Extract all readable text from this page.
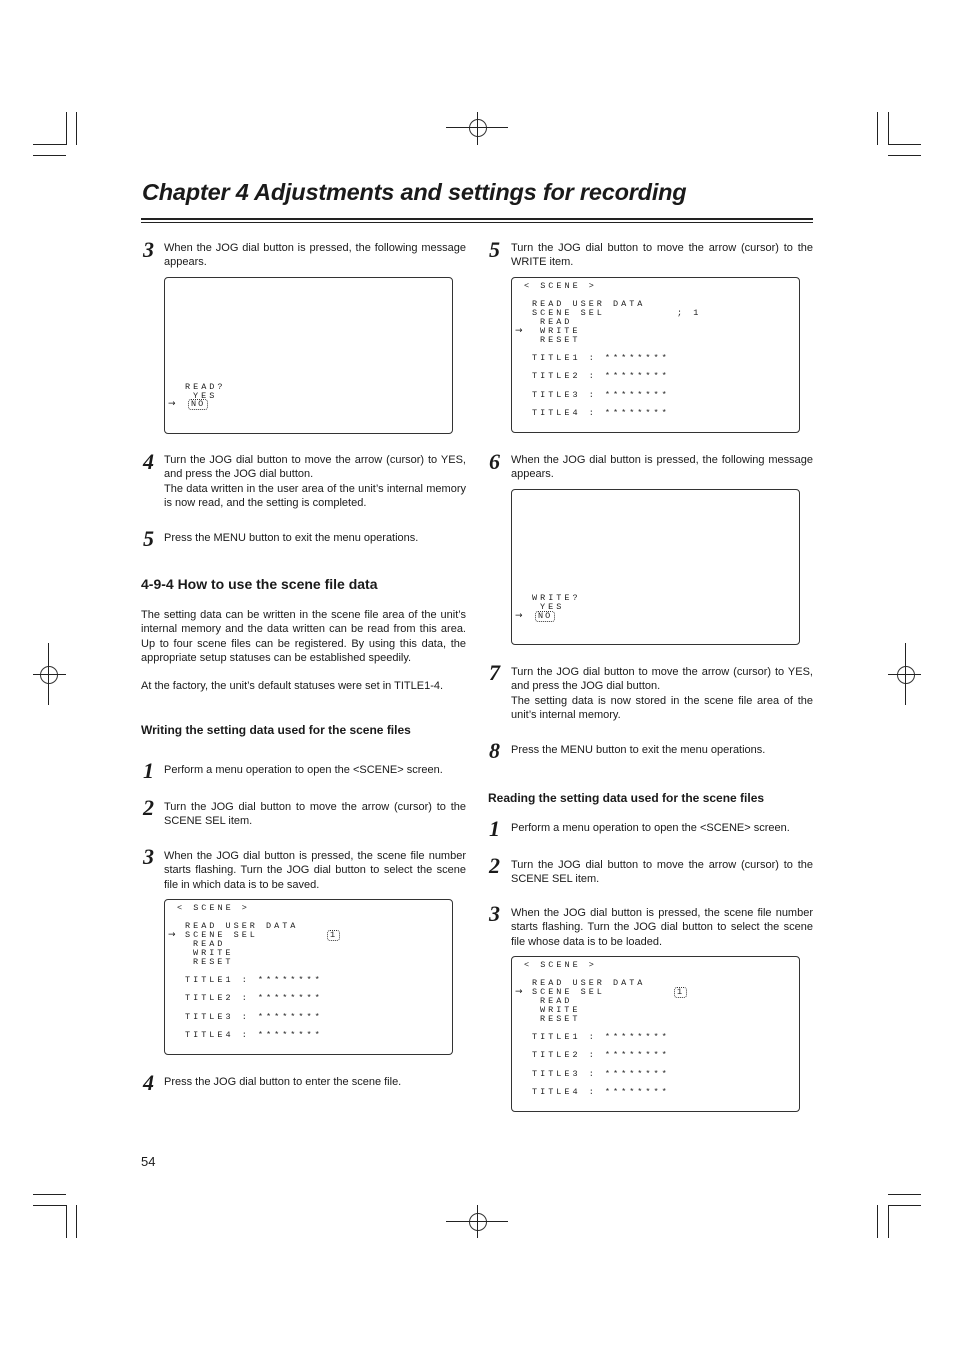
Chapter 4 Adjustments and settings for recording
3 When the JOG dial button is pressed, the following message appears.
READ?
YES
→	NO
4 Turn the JOG dial button to move the arrow (cursor) to YES, and press the JOG dial button.
The data written in the user area of the unit’s internal memory is now read, and the setting is completed.
5 Press the MENU button to exit the menu operations.
4-9-4 How to use the scene file data
The setting data can be written in the scene file area of the unit’s internal memory and the data written can be read from this area. Up to four scene files can be registered. By using this data, the appropriate setup statuses can be established speedily.
At the factory, the unit’s default statuses were set in TITLE1-4.
Writing the setting data used for the scene files
1 Perform a menu operation to open the <SCENE> screen.
2 Turn the JOG dial button to move the arrow (cursor) to the SCENE SEL item.
3 When the JOG dial button is pressed, the scene file number starts flashing. Turn the JOG dial button to select the scene file in which data is to be saved.
< SCENE >
READ USER DATA
→ SCENE SEL	1
READ
WRITE
RESET
TITLE1 : ********
TITLE2 : ********
TITLE3 : ********
TITLE4 : ********
4 Press the JOG dial button to enter the scene file.
54
5 Turn the JOG dial button to move the arrow (cursor) to the WRITE item.
< SCENE >
READ USER DATA
SCENE SEL	; 1
READ
→ WRITE
RESET
TITLE1 : ********
TITLE2 : ********
TITLE3 : ********
TITLE4 : ********
6 When the JOG dial button is pressed, the following message appears.
WRITE?
YES
→	NO
7 Turn the JOG dial button to move the arrow (cursor) to YES, and press the JOG dial button.
The setting data is now stored in the scene file area of the unit’s internal memory.
8 Press the MENU button to exit the menu operations.
Reading the setting data used for the scene files
1 Perform a menu operation to open the <SCENE> screen.
2 Turn the JOG dial button to move the arrow (cursor) to the SCENE SEL item.
3 When the JOG dial button is pressed, the scene file number starts flashing. Turn the JOG dial button to select the scene file whose data is to be loaded.
< SCENE >
READ USER DATA
→ SCENE SEL	1
READ
WRITE
RESET
TITLE1 : ********
TITLE2 : ********
TITLE3 : ********
TITLE4 : ********
